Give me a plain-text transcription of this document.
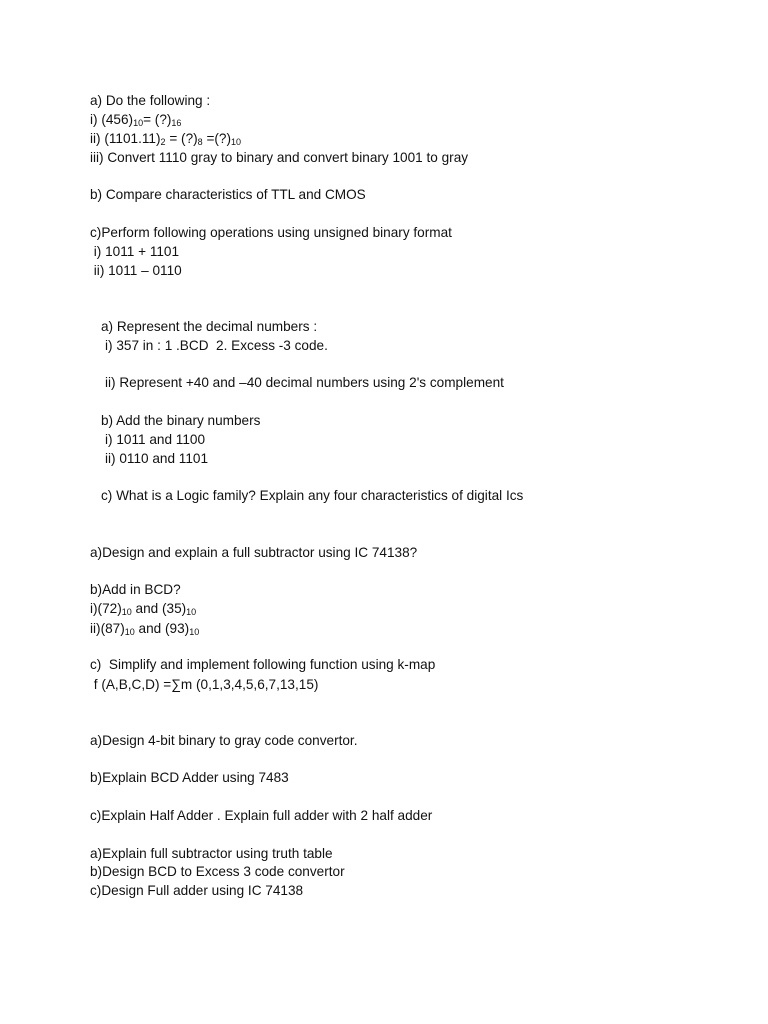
a) Do the following :

i) $(456)_{10}=$ $(?)_{16}$

ii) $(1101.11)_2$ = $(?)_8$ $=(?)_{10}$

iii) Convert 1110 gray to binary and convert binary 1001 to gray

b) Compare characteristics of TTL and CMOS

c)Perform following operations using unsigned binary format

i) 1011 + 1101

ii) 1011 – 0110

a) Represent the decimal numbers :

i) 357 in : 1 .BCD  2. Excess -3 code.

ii) Represent +40 and –40 decimal numbers using 2's complement

b) Add the binary numbers

i) 1011 and 1100

ii) 0110 and 1101

c) What is a Logic family? Explain any four characteristics of digital Ics

a)Design and explain a full subtractor using IC 74138?

b)Add in BCD?

$i)(72)_{10}$ and $(35)_{10}$

$ii)(87)_{10}$ and $(93)_{10}$

c)  Simplify and implement following function using k-map

f (A,B,C,D) =∑m (0,1,3,4,5,6,7,13,15)

a)Design 4-bit binary to gray code convertor.

b)Explain BCD Adder using 7483

c)Explain Half Adder . Explain full adder with 2 half adder

a)Explain full subtractor using truth table

b)Design BCD to Excess 3 code convertor

c)Design Full adder using IC 74138
